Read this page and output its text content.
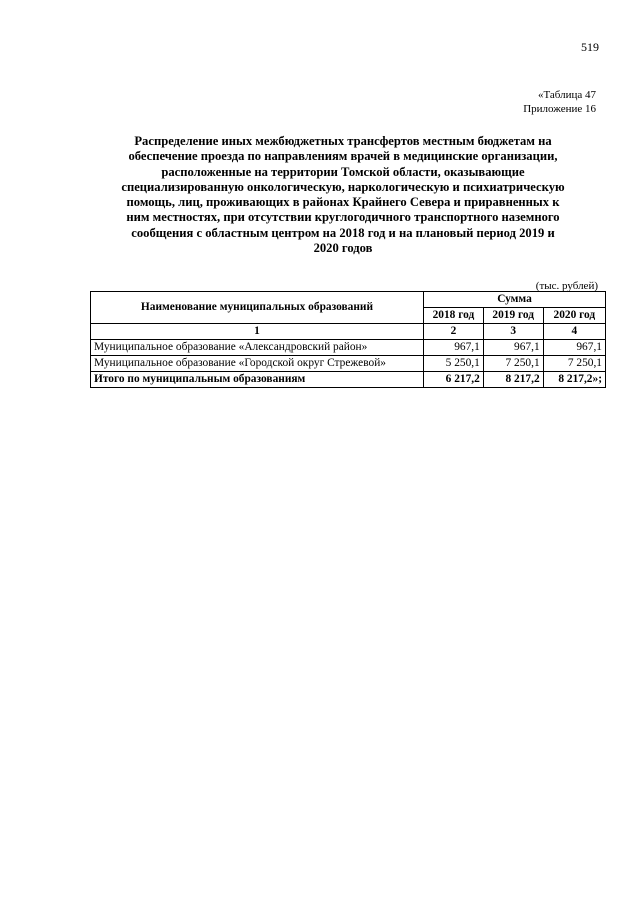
519
«Таблица 47
Приложение 16
Распределение иных межбюджетных трансфертов местным бюджетам на
обеспечение проезда по направлениям врачей в медицинские организации,
расположенные на территории Томской области, оказывающие
специализированную онкологическую, наркологическую и психиатрическую
помощь, лиц, проживающих в районах Крайнего Севера и приравненных к
ним местностях, при отсутствии круглогодичного транспортного наземного
сообщения с областным центром на 2018 год и на плановый период 2019 и
2020 годов
(тыс. рублей)
Наименование муниципальных образований	Сумма		
	2018 год	2019 год	2020 год
1	2	3	4
Муниципальное образование «Александровский район»	967,1	967,1	967,1
Муниципальное образование «Городской округ Стрежевой»	5 250,1	7 250,1	7 250,1
Итого по муниципальным образованиям	6 217,2	8 217,2	8 217,2»;
